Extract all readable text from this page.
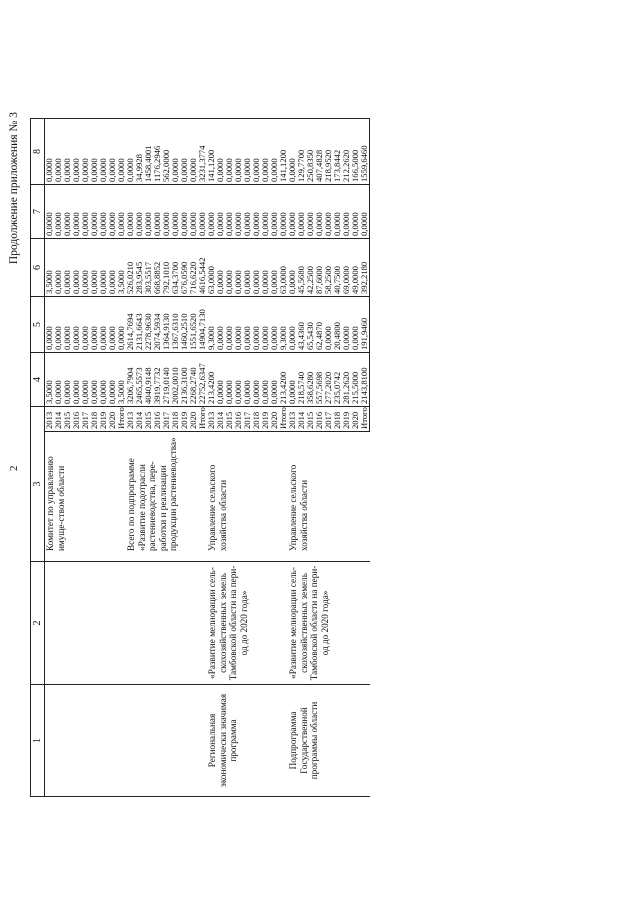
2
Продолжение приложения № 3
1	2	3		4	5	6	7	8
		Комитет по управлению имуще-ством области	2013	3,5000	0,0000	3,5000	0,0000	0,0000
			2014	0,0000	0,0000	0,0000	0,0000	0,0000
			2015	0,0000	0,0000	0,0000	0,0000	0,0000
			2016	0,0000	0,0000	0,0000	0,0000	0,0000
			2017	0,0000	0,0000	0,0000	0,0000	0,0000
			2018	0,0000	0,0000	0,0000	0,0000	0,0000
			2019	0,0000	0,0000	0,0000	0,0000	0,0000
			2020	0,0000	0,0000	0,0000	0,0000	0,0000
			Итого	3,5000	0,0000	3,5000	0,0000	0,0000
		Всего по подпрограмме «Развитие подотрасли растениеводства, пере-работки и реализации продукции растениеводства»	2013	3206,7904	2614,7694	526,0210	0,0000	0,0000
			2014	2465,5573	2131,6643	283,9545	0,0000	34,9928
			2015	4040,9148	2278,9630	303,5517	0,0000	1458,4001
			2016	3919,7732	2074,5934	668,8852	0,0000	1176,2946
			2017	2719,0140	1364,9130	792,1010	0,0000	562,0000
			2018	2002,0010	1367,6310	634,3700	0,0000	0,0000
			2019	2136,3100	1460,2510	676,0590	0,0000	0,0000
			2020	2268,2740	1551,6520	716,6220	0,0000	0,0000
			Итого	22752,6347	14904,7130	4616,5442	0,0000	3231,3774
Региональная экономически значимая программа	«Развитие мелиорации сель-скохозяйственных земель Тамбовской области на пери-од до 2020 года»	Управление сельского хозяйства области	2013	213,4200	9,3000	63,0000	0,0000	141,1200
			2014	0,0000	0,0000	0,0000	0,0000	0,0000
			2015	0,0000	0,0000	0,0000	0,0000	0,0000
			2016	0,0000	0,0000	0,0000	0,0000	0,0000
			2017	0,0000	0,0000	0,0000	0,0000	0,0000
			2018	0,0000	0,0000	0,0000	0,0000	0,0000
			2019	0,0000	0,0000	0,0000	0,0000	0,0000
			2020	0,0000	0,0000	0,0000	0,0000	0,0000
			Итого	213,4200	9,3000	63,0000	0,0000	141,1200
Подпрограмма Государственной программы области	«Развитие мелиорации сель-скохозяйственных земель Тамбовской области на пери-од до 2020 года»	Управление сельского хозяйства области	2013	0,0000	0,0000	0,0000	0,0000	0,0000
			2014	218,5740	43,4360	45,5680	0,0000	129,7700
			2015	358,6280	65,5430	42,2500	0,0000	250,8350
			2016	557,5698	62,4870	87,6000	0,0000	407,4828
			2017	277,2020	0,0000	58,2500	0,0000	218,9520
			2018	235,0742	20,4800	40,7500	0,0000	173,8442
			2019	281,2620	0,0000	69,0000	0,0000	212,2620
			2020	215,5000	0,0000	49,0000	0,0000	166,5000
			Итого	2143,8100	191,9460	392,2180	0,0000	1559,6460
